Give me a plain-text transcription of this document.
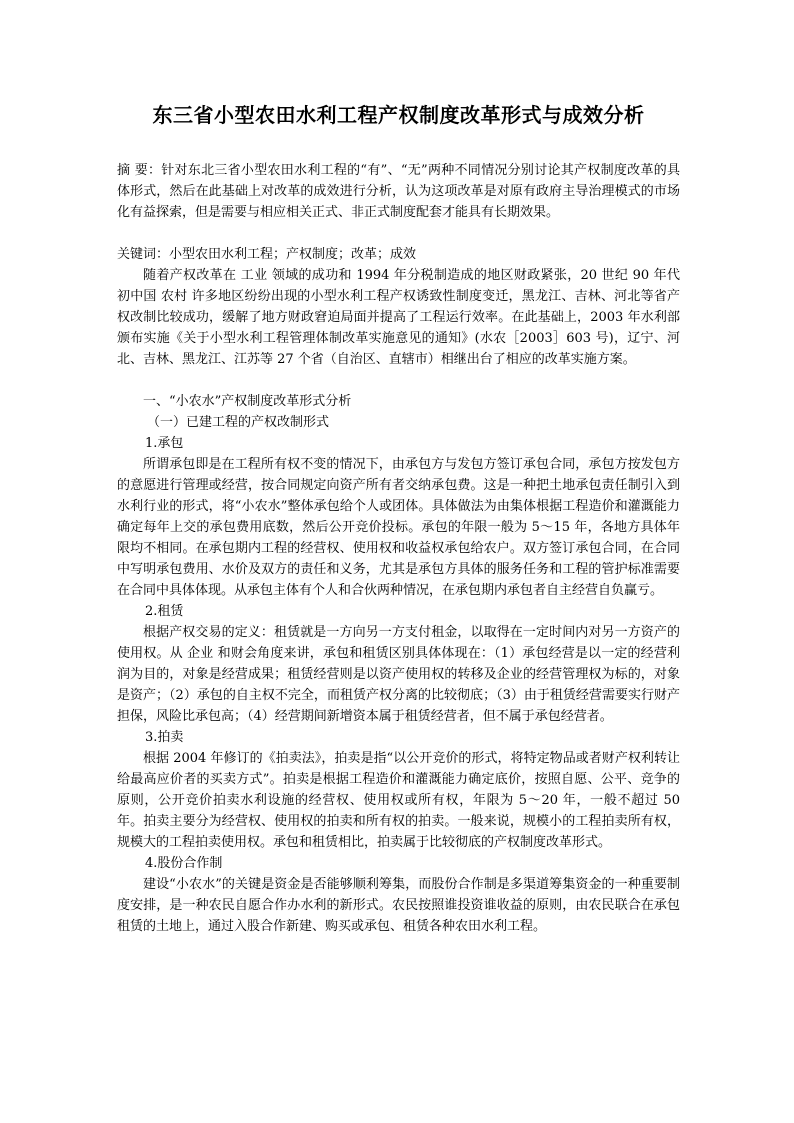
东三省小型农田水利工程产权制度改革形式与成效分析

摘 要：针对东北三省小型农田水利工程的“有”、“无”两种不同情况分别讨论其产权制度改革的具体形式，然后在此基础上对改革的成效进行分析，认为这项改革是对原有政府主导治理模式的市场化有益探索，但是需要与相应相关正式、非正式制度配套才能具有长期效果。

关键词：小型农田水利工程；产权制度；改革；成效

随着产权改革在 工业 领域的成功和 1994 年分税制造成的地区财政紧张，20 世纪 90 年代初中国 农村 许多地区纷纷出现的小型水利工程产权诱致性制度变迁，黑龙江、吉林、河北等省产权改制比较成功，缓解了地方财政窘迫局面并提高了工程运行效率。在此基础上，2003 年水利部颁布实施《关于小型水利工程管理体制改革实施意见的通知》(水农［2003］603 号)，辽宁、河北、吉林、黑龙江、江苏等 27 个省（自治区、直辖市）相继出台了相应的改革实施方案。

一、“小农水”产权制度改革形式分析

（一）已建工程的产权改制形式

1.承包

所谓承包即是在工程所有权不变的情况下，由承包方与发包方签订承包合同，承包方按发包方的意愿进行管理或经营，按合同规定向资产所有者交纳承包费。这是一种把土地承包责任制引入到水利行业的形式，将“小农水”整体承包给个人或团体。具体做法为由集体根据工程造价和灌溉能力确定每年上交的承包费用底数，然后公开竞价投标。承包的年限一般为 5～15 年，各地方具体年限均不相同。在承包期内工程的经营权、使用权和收益权承包给农户。双方签订承包合同，在合同中写明承包费用、水价及双方的责任和义务，尤其是承包方具体的服务任务和工程的管护标准需要在合同中具体体现。从承包主体有个人和合伙两种情况，在承包期内承包者自主经营自负赢亏。

2.租赁

根据产权交易的定义：租赁就是一方向另一方支付租金，以取得在一定时间内对另一方资产的使用权。从 企业 和财会角度来讲，承包和租赁区别具体体现在：（1）承包经营是以一定的经营利润为目的，对象是经营成果；租赁经营则是以资产使用权的转移及企业的经营管理权为标的，对象是资产；（2）承包的自主权不完全，而租赁产权分离的比较彻底；（3）由于租赁经营需要实行财产担保，风险比承包高；（4）经营期间新增资本属于租赁经营者，但不属于承包经营者。

3.拍卖

根据 2004 年修订的《拍卖法》，拍卖是指“以公开竞价的形式，将特定物品或者财产权利转让给最高应价者的买卖方式”。拍卖是根据工程造价和灌溉能力确定底价，按照自愿、公平、竞争的原则，公开竞价拍卖水利设施的经营权、使用权或所有权，年限为 5～20 年，一般不超过 50 年。拍卖主要分为经营权、使用权的拍卖和所有权的拍卖。一般来说，规模小的工程拍卖所有权，规模大的工程拍卖使用权。承包和租赁相比，拍卖属于比较彻底的产权制度改革形式。

4.股份合作制

建设“小农水”的关键是资金是否能够顺利筹集，而股份合作制是多渠道筹集资金的一种重要制度安排，是一种农民自愿合作办水利的新形式。农民按照谁投资谁收益的原则，由农民联合在承包租赁的土地上，通过入股合作新建、购买或承包、租赁各种农田水利工程。
